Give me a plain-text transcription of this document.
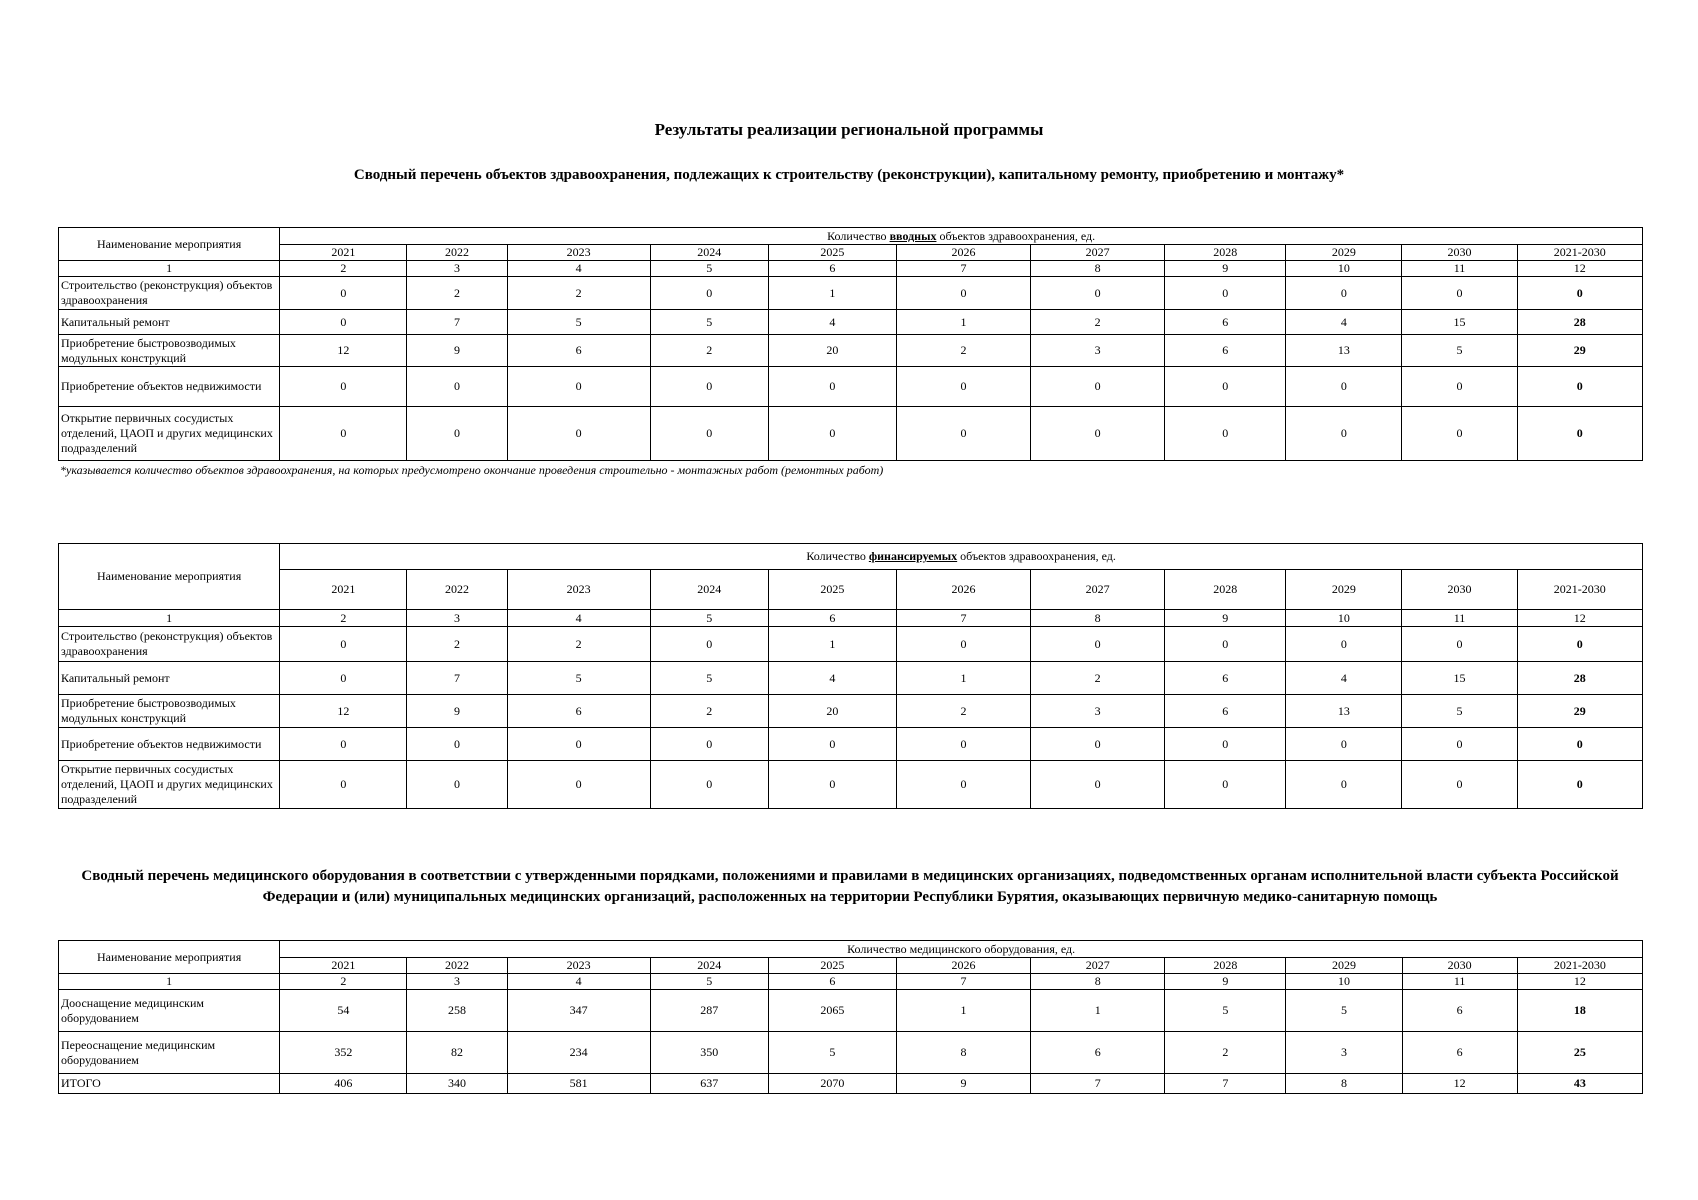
Результаты реализации региональной программы
Сводный перечень объектов здравоохранения, подлежащих к строительству (реконструкции), капитальному ремонту, приобретению и монтажу*
Наименование мероприятия	Количество вводных объектов здравоохранения, ед.										
	2021	2022	2023	2024	2025	2026	2027	2028	2029	2030	2021-2030
1	2	3	4	5	6	7	8	9	10	11	12
Строительство (реконструкция) объектов здравоохранения	0	2	2	0	1	0	0	0	0	0	0
Капитальный ремонт	0	7	5	5	4	1	2	6	4	15	28
Приобретение быстровозводимых модульных конструкций	12	9	6	2	20	2	3	6	13	5	29
Приобретение объектов недвижимости	0	0	0	0	0	0	0	0	0	0	0
Открытие первичных сосудистых отделений, ЦАОП и других медицинских подразделений	0	0	0	0	0	0	0	0	0	0	0
*указывается количество объектов здравоохранения, на которых предусмотрено окончание проведения строительно - монтажных работ (ремонтных работ)
Наименование мероприятия	Количество финансируемых объектов здравоохранения, ед.										
	2021	2022	2023	2024	2025	2026	2027	2028	2029	2030	2021-2030
1	2	3	4	5	6	7	8	9	10	11	12
Строительство (реконструкция) объектов здравоохранения	0	2	2	0	1	0	0	0	0	0	0
Капитальный ремонт	0	7	5	5	4	1	2	6	4	15	28
Приобретение быстровозводимых модульных конструкций	12	9	6	2	20	2	3	6	13	5	29
Приобретение объектов недвижимости	0	0	0	0	0	0	0	0	0	0	0
Открытие первичных сосудистых отделений, ЦАОП и других медицинских подразделений	0	0	0	0	0	0	0	0	0	0	0
Сводный перечень медицинского оборудования в соответствии с утвержденными порядками, положениями и правилами в медицинских организациях, подведомственных органам исполнительной власти субъекта Российской Федерации и (или) муниципальных медицинских организаций, расположенных на территории Республики Бурятия, оказывающих первичную медико-санитарную помощь
Наименование мероприятия	Количество медицинского оборудования, ед.										
	2021	2022	2023	2024	2025	2026	2027	2028	2029	2030	2021-2030
1	2	3	4	5	6	7	8	9	10	11	12
Дооснащение медицинским оборудованием	54	258	347	287	2065	1	1	5	5	6	18
Переоснащение медицинским оборудованием	352	82	234	350	5	8	6	2	3	6	25
ИТОГО	406	340	581	637	2070	9	7	7	8	12	43
